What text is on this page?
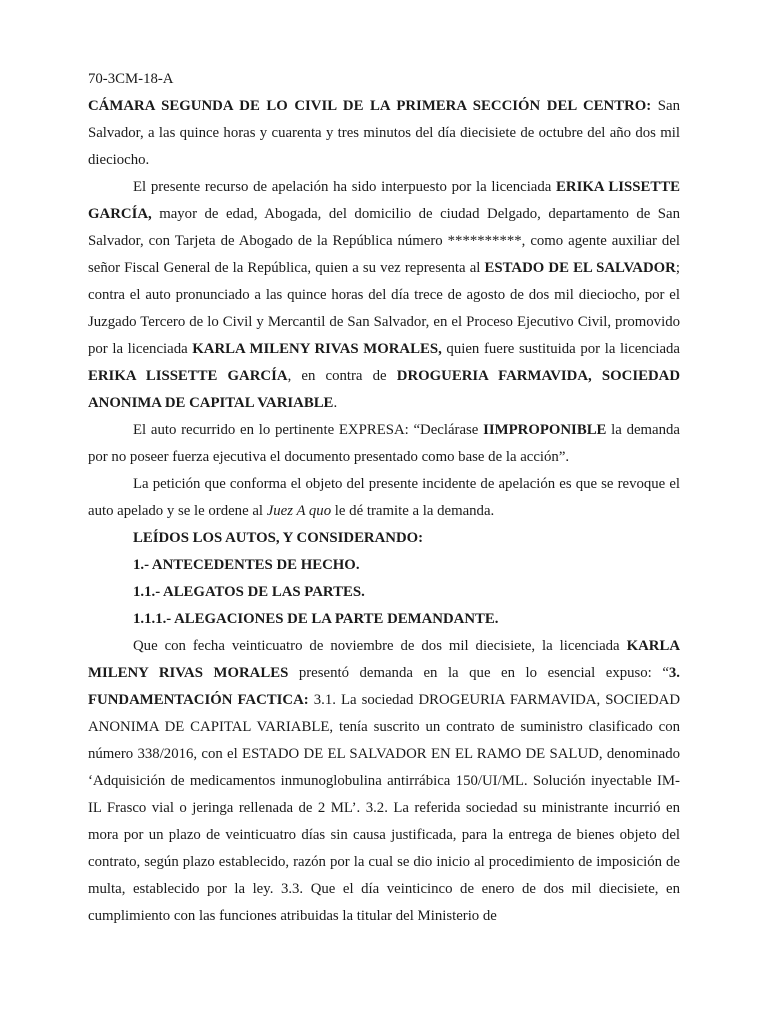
70-3CM-18-A

CÁMARA SEGUNDA DE LO CIVIL DE LA PRIMERA SECCIÓN DEL CENTRO: San Salvador, a las quince horas y cuarenta y tres minutos del día diecisiete de octubre del año dos mil dieciocho.

El presente recurso de apelación ha sido interpuesto por la licenciada ERIKA LISSETTE GARCÍA, mayor de edad, Abogada, del domicilio de ciudad Delgado, departamento de San Salvador, con Tarjeta de Abogado de la República número **********, como agente auxiliar del señor Fiscal General de la República, quien a su vez representa al ESTADO DE EL SALVADOR; contra el auto pronunciado a las quince horas del día trece de agosto de dos mil dieciocho, por el Juzgado Tercero de lo Civil y Mercantil de San Salvador, en el Proceso Ejecutivo Civil, promovido por la licenciada KARLA MILENY RIVAS MORALES, quien fuere sustituida por la licenciada ERIKA LISSETTE GARCÍA, en contra de DROGUERIA FARMAVIDA, SOCIEDAD ANONIMA DE CAPITAL VARIABLE.

El auto recurrido en lo pertinente EXPRESA: “Declárase IIMPROPONIBLE la demanda por no poseer fuerza ejecutiva el documento presentado como base de la acción”.

La petición que conforma el objeto del presente incidente de apelación es que se revoque el auto apelado y se le ordene al Juez A quo le dé tramite a la demanda.

LEÍDOS LOS AUTOS, Y CONSIDERANDO:

1.- ANTECEDENTES DE HECHO.

1.1.- ALEGATOS DE LAS PARTES.

1.1.1.- ALEGACIONES DE LA PARTE DEMANDANTE.

Que con fecha veinticuatro de noviembre de dos mil diecisiete, la licenciada KARLA MILENY RIVAS MORALES presentó demanda en la que en lo esencial expuso: “3. FUNDAMENTACIÓN FACTICA: 3.1. La sociedad DROGEURIA FARMAVIDA, SOCIEDAD ANONIMA DE CAPITAL VARIABLE, tenía suscrito un contrato de suministro clasificado con número 338/2016, con el ESTADO DE EL SALVADOR EN EL RAMO DE SALUD, denominado ‘Adquisición de medicamentos inmunoglobulina antirrábica 150/UI/ML. Solución inyectable IM-IL Frasco vial o jeringa rellenada de 2 ML’. 3.2. La referida sociedad su ministrante incurrió en mora por un plazo de veinticuatro días sin causa justificada, para la entrega de bienes objeto del contrato, según plazo establecido, razón por la cual se dio inicio al procedimiento de imposición de multa, establecido por la ley. 3.3. Que el día veinticinco de enero de dos mil diecisiete, en cumplimiento con las funciones atribuidas la titular del Ministerio de
